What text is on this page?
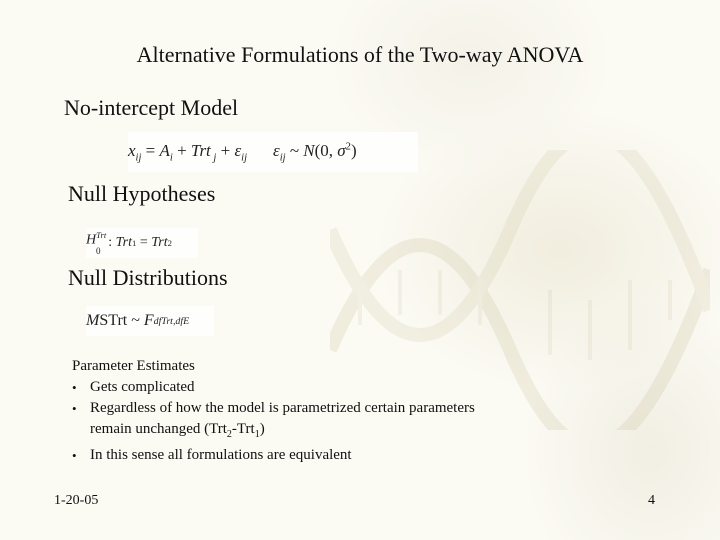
Alternative Formulations of the Two-way ANOVA
No-intercept Model
$x_{ij} = A_i$ + Trt $_j + \varepsilon_{ij}$ $\varepsilon_{ij}$ ~ N(0, $\sigma^2$)
Null Hypotheses
$H^{Trt}$
0
: Trt 1
= Trt 2
Null Distributions
M STrt
~ F dfTrt,dfE
Parameter Estimates
• Gets complicated
• Regardless of how the model is parametrized certain parameters
remain unchanged (Trt$_2$-Trt$_1$)
• In this sense all formulations are equivalent
1-20-05	4
